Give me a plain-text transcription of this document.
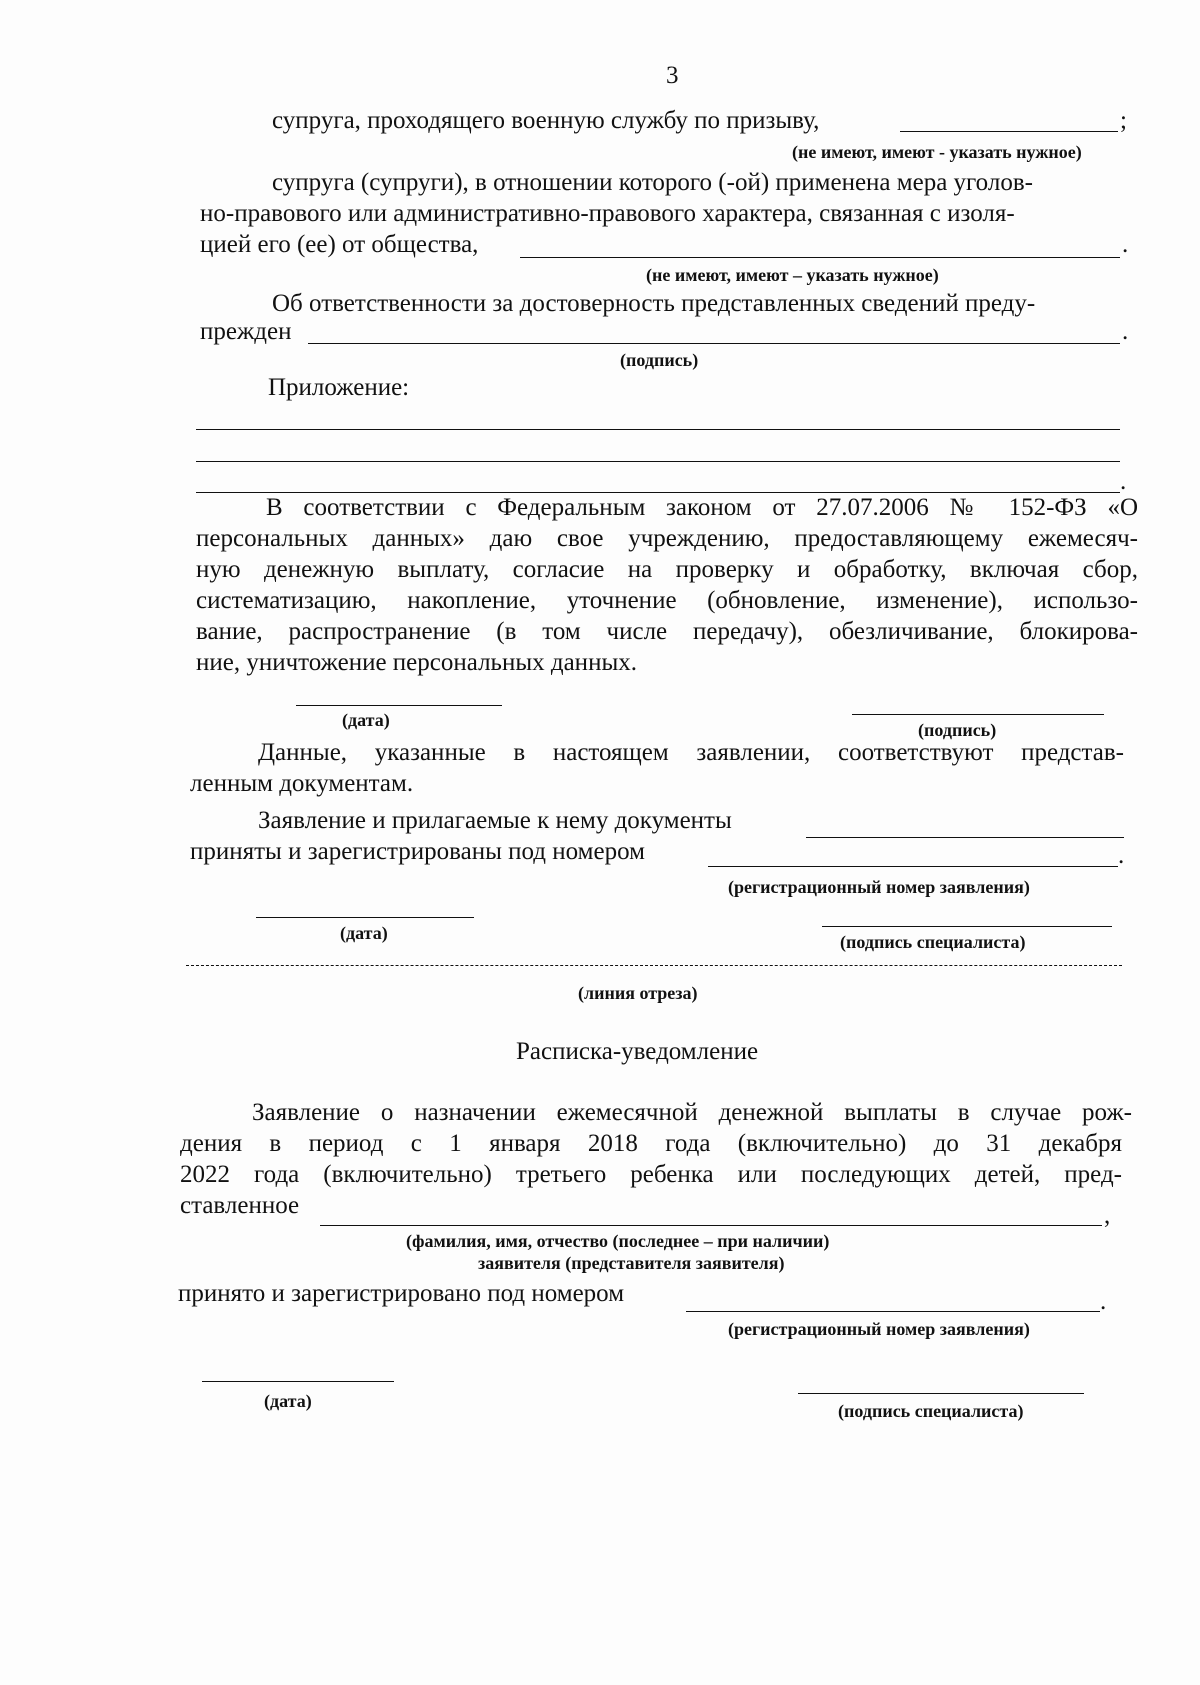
3
супруга, проходящего военную службу по призыву,	;
(не имеют, имеют - указать нужное)
супруга (супруги), в отношении которого (-ой) применена мера уголов-
но-правового или административно-правового характера, связанная с изоля-
цией его (ее) от общества,	.
(не имеют, имеют – указать нужное)
Об ответственности за достоверность представленных сведений преду-
прежден	.
(подпись)
Приложение:
.
В соответствии с Федеральным законом от 27.07.2006 № 152-ФЗ «О
персональных данных» даю свое учреждению, предоставляющему ежемесяч-
ную денежную выплату, согласие на проверку и обработку, включая сбор,
систематизацию, накопление, уточнение (обновление, изменение), использо-
вание, распространение (в том числе передачу), обезличивание, блокирова-
ние, уничтожение персональных данных.
(дата)	(подпись)
Данные, указанные в настоящем заявлении, соответствуют представ-
ленным документам.
Заявление и прилагаемые к нему документы
приняты и зарегистрированы под номером	.
(регистрационный номер заявления)
(дата)	(подпись специалиста)
(линия отреза)
Расписка-уведомление
Заявление о назначении ежемесячной денежной выплаты в случае рож-
дения в период с 1 января 2018 года (включительно) до 31 декабря
2022 года (включительно) третьего ребенка или последующих детей, пред-
ставленное	,
(фамилия, имя, отчество (последнее – при наличии)
заявителя (представителя заявителя)
принято и зарегистрировано под номером	.
(регистрационный номер заявления)
(дата)	(подпись специалиста)
